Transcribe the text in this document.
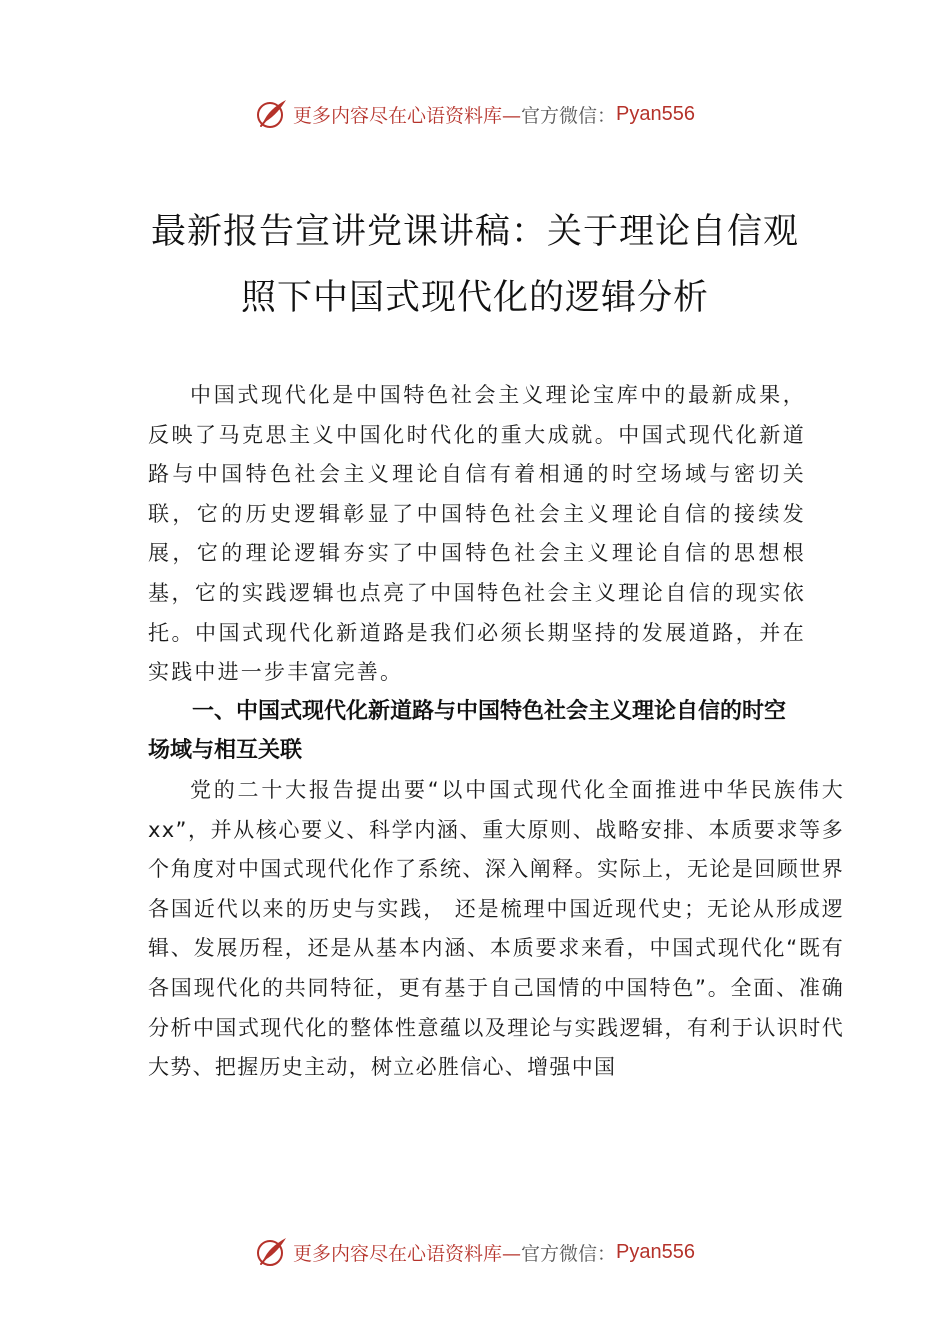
更多内容尽在心语资料库— 官方微信： Pyan556
最新报告宣讲党课讲稿：关于理论自信观
照下中国式现代化的逻辑分析

中国式现代化是中国特色社会主义理论宝库中的最新成果，反映了马克思主义中国化时代化的重大成就。中国式现代化新道路与中国特色社会主义理论自信有着相通的时空场域与密切关联，它的历史逻辑彰显了中国特色社会主义理论自信的接续发展，它的理论逻辑夯实了中国特色社会主义理论自信的思想根基，它的实践逻辑也点亮了中国特色社会主义理论自信的现实依托。中国式现代化新道路是我们必须长期坚持的发展道路，并在实践中进一步丰富完善。

一、中国式现代化新道路与中国特色社会主义理论自信的时空场域与相互关联

党的二十大报告提出要“以中国式现代化全面推进中华民族伟大 xx”，并从核心要义、科学内涵、重大原则、战略安排、本质要求等多个角度对中国式现代化作了系统、深入阐释。实际上，无论是回顾世界各国近代以来的历史与实践， 还是梳理中国近现代史；无论从形成逻辑、发展历程，还是从基本内涵、本质要求来看，中国式现代化“既有各国现代化的共同特征，更有基于自己国情的中国特色”。全面、准确分析中国式现代化的整体性意蕴以及理论与实践逻辑，有利于认识时代大势、把握历史主动，树立必胜信心、增强中国

更多内容尽在心语资料库— 官方微信： Pyan556
